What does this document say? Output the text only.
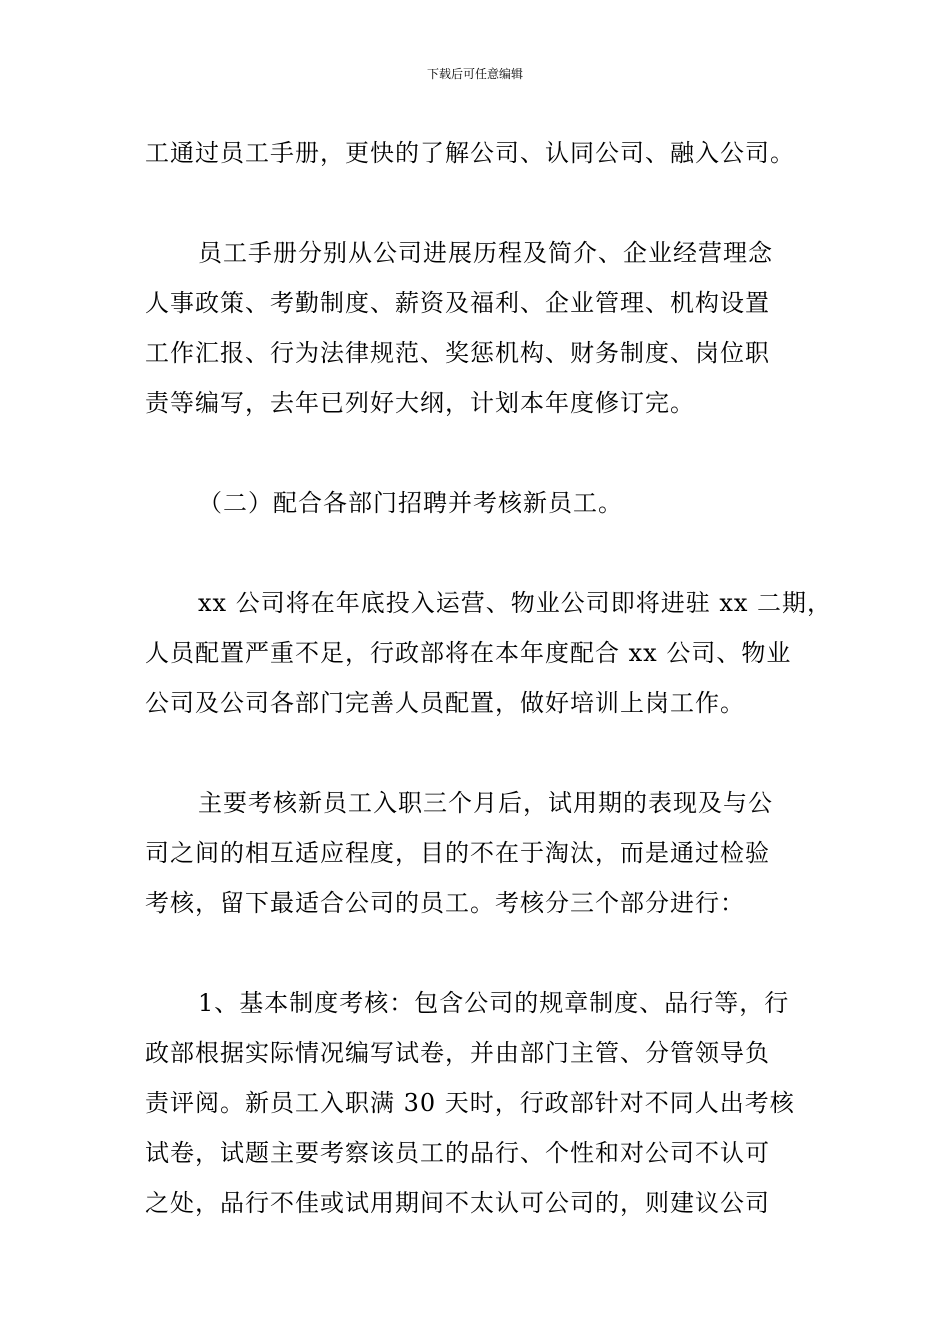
下载后可任意编辑
工通过员工手册，更快的了解公司、认同公司、融入公司。
员工手册分别从公司进展历程及简介、企业经营理念
人事政策、考勤制度、薪资及福利、企业管理、机构设置
工作汇报、行为法律规范、奖惩机构、财务制度、岗位职
责等编写，去年已列好大纲，计划本年度修订完。
（二）配合各部门招聘并考核新员工。
xx 公司将在年底投入运营、物业公司即将进驻 xx 二期，
人员配置严重不足，行政部将在本年度配合 xx 公司、物业
公司及公司各部门完善人员配置，做好培训上岗工作。
主要考核新员工入职三个月后，试用期的表现及与公
司之间的相互适应程度，目的不在于淘汰，而是通过检验
考核，留下最适合公司的员工。考核分三个部分进行：
1、基本制度考核：包含公司的规章制度、品行等，行
政部根据实际情况编写试卷，并由部门主管、分管领导负
责评阅。新员工入职满 30 天时，行政部针对不同人出考核
试卷，试题主要考察该员工的品行、个性和对公司不认可
之处，品行不佳或试用期间不太认可公司的，则建议公司
